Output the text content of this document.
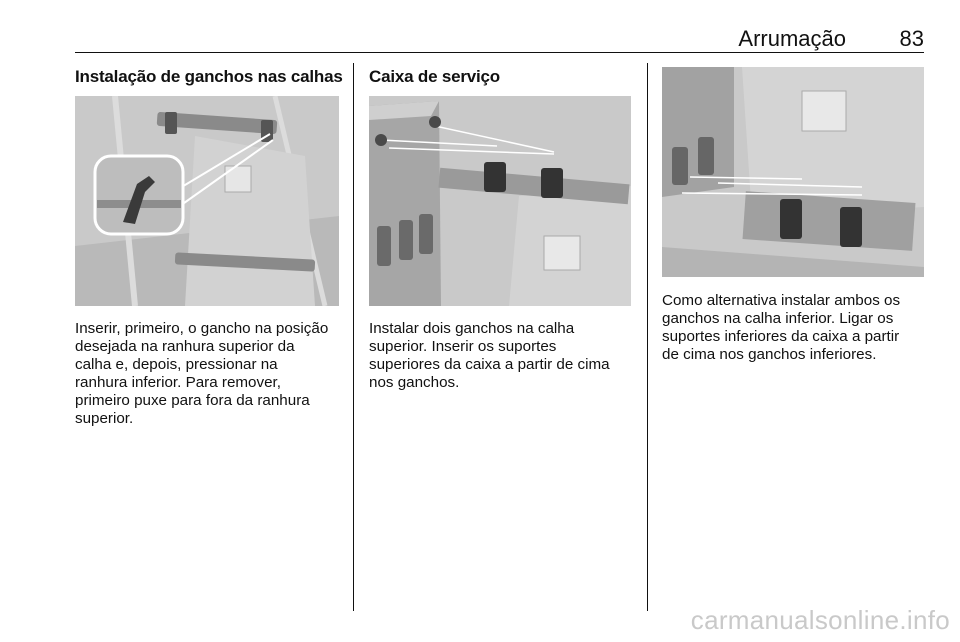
Arrumação 83
Instalação de ganchos nas calhas
Inserir, primeiro, o gancho na posição
desejada na ranhura superior da
calha e, depois, pressionar na
ranhura inferior. Para remover,
primeiro puxe para fora da ranhura
superior.
Caixa de serviço
Instalar dois ganchos na calha
superior. Inserir os suportes
superiores da caixa a partir de cima
nos ganchos.
Como alternativa instalar ambos os
ganchos na calha inferior. Ligar os
suportes inferiores da caixa a partir
de cima nos ganchos inferiores.
carmanualsonline.info
